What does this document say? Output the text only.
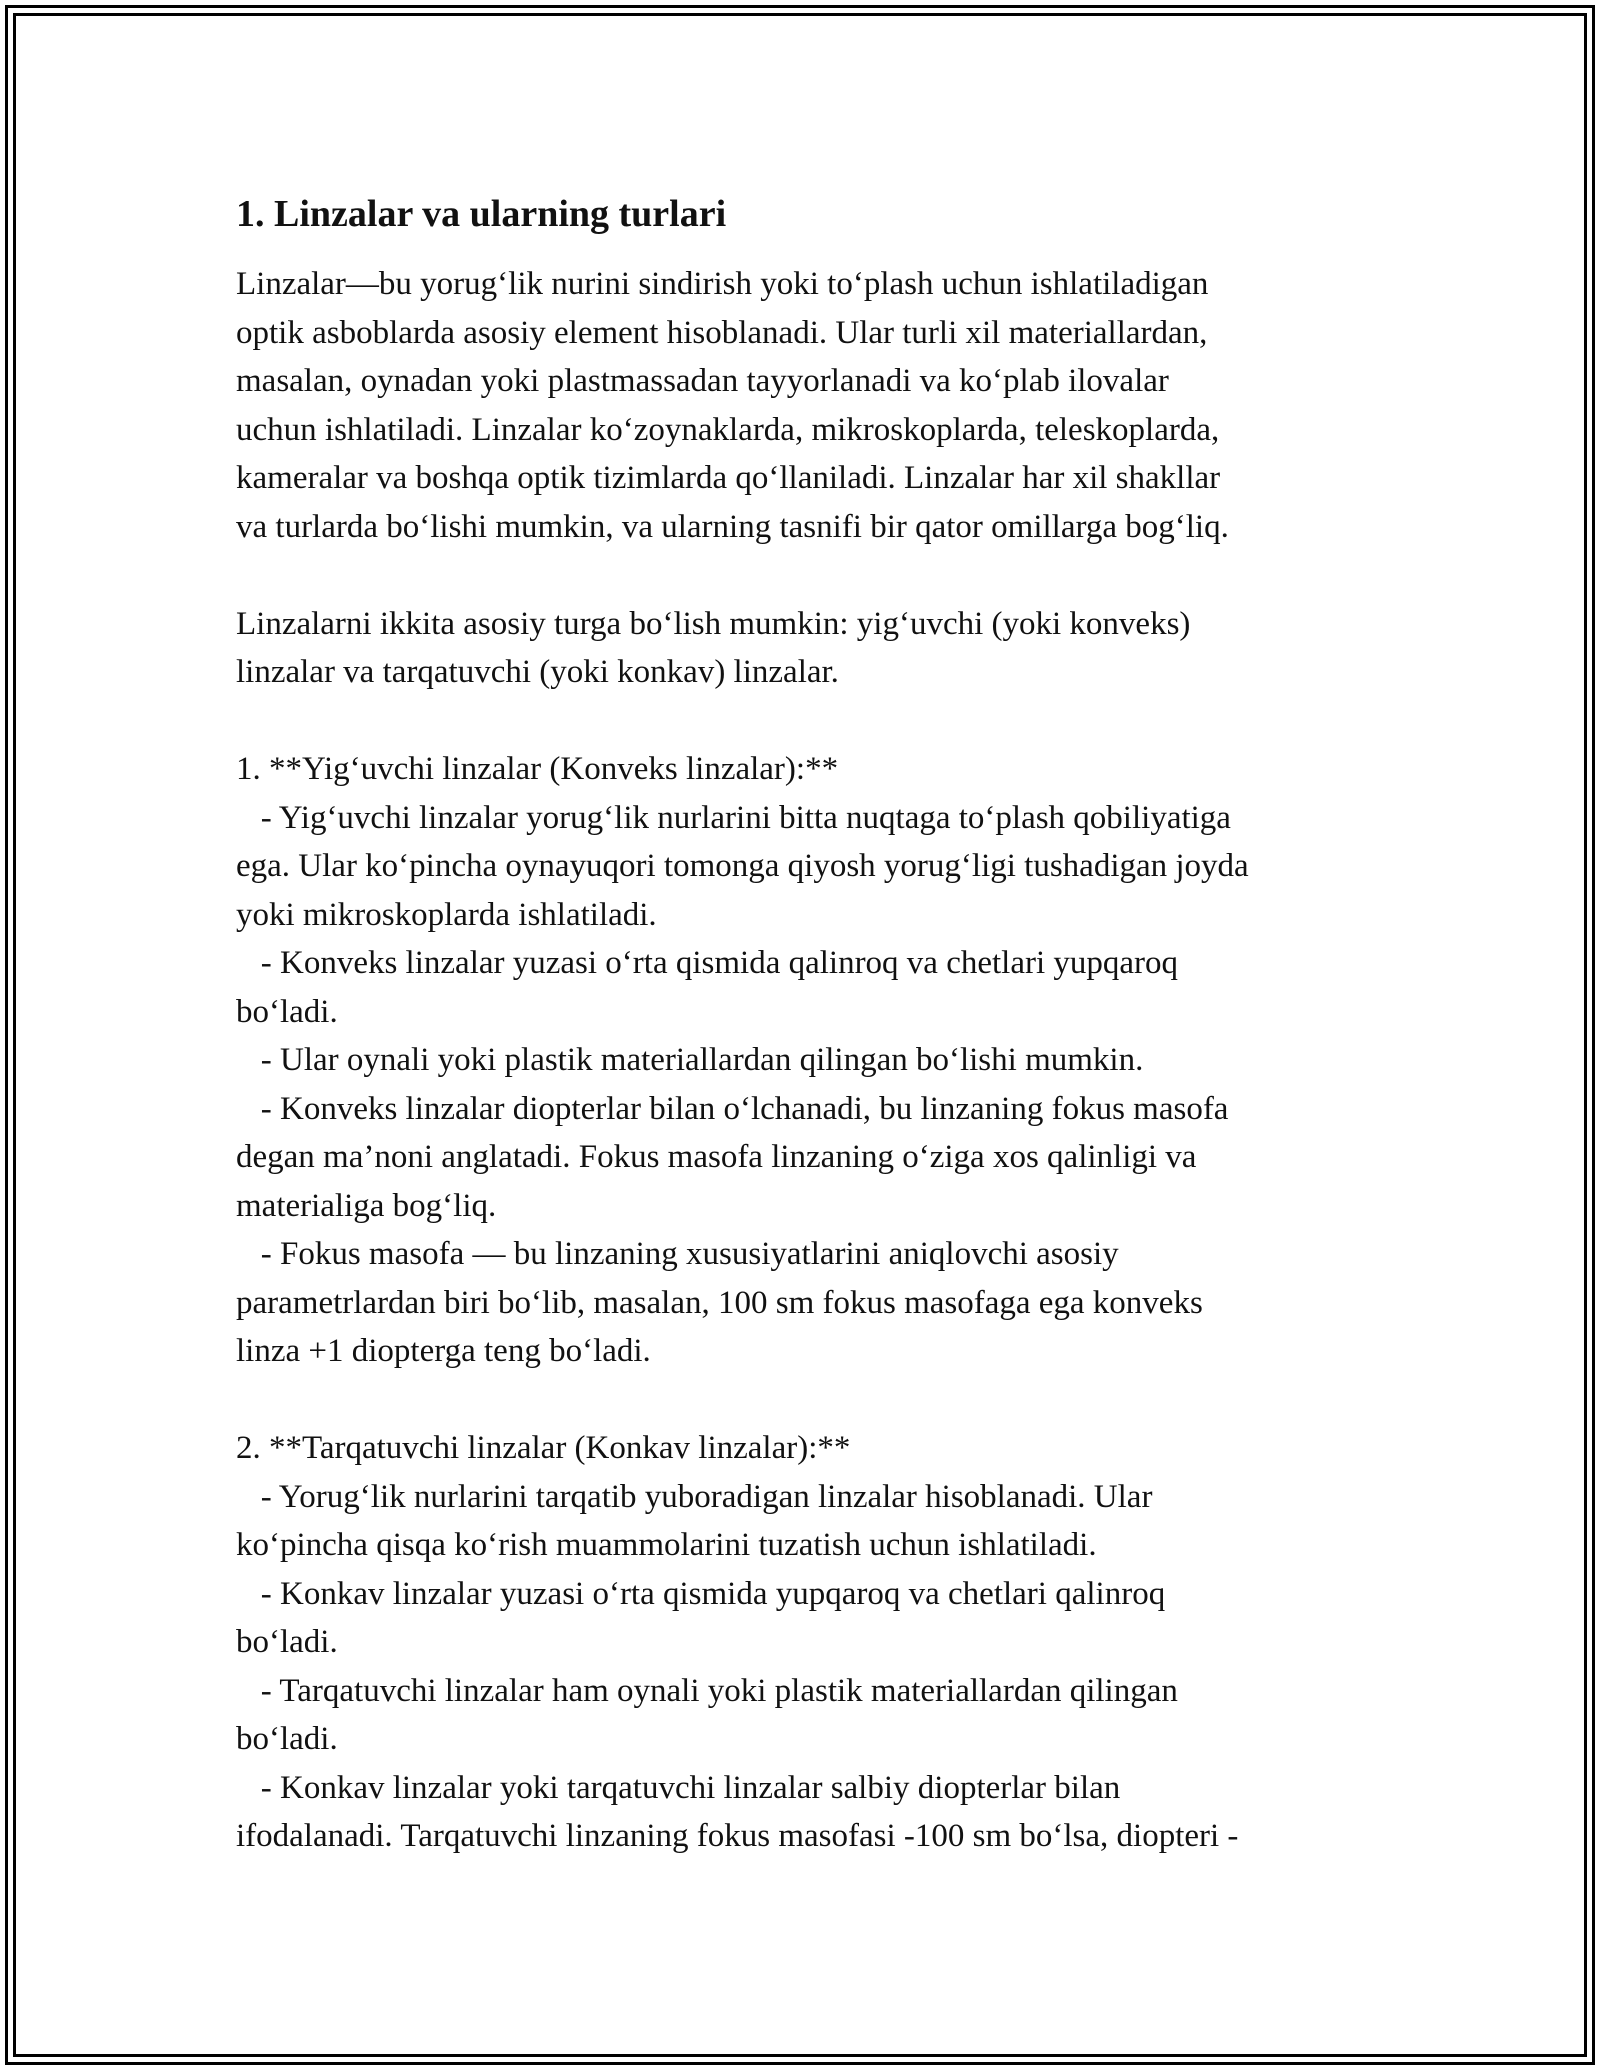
1. Linzalar va ularning turlari

Linzalar—bu yorug‘lik nurini sindirish yoki to‘plash uchun ishlatiladigan

optik asboblarda asosiy element hisoblanadi. Ular turli xil materiallardan,

masalan, oynadan yoki plastmassadan tayyorlanadi va ko‘plab ilovalar

uchun ishlatiladi. Linzalar ko‘zoynaklarda, mikroskoplarda, teleskoplarda,

kameralar va boshqa optik tizimlarda qo‘llaniladi. Linzalar har xil shakllar

va turlarda bo‘lishi mumkin, va ularning tasnifi bir qator omillarga bog‘liq.

Linzalarni ikkita asosiy turga bo‘lish mumkin: yig‘uvchi (yoki konveks)

linzalar va tarqatuvchi (yoki konkav) linzalar.

1. **Yig‘uvchi linzalar (Konveks linzalar):**

- Yig‘uvchi linzalar yorug‘lik nurlarini bitta nuqtaga to‘plash qobiliyatiga

ega. Ular ko‘pincha oynayuqori tomonga qiyosh yorug‘ligi tushadigan joyda

yoki mikroskoplarda ishlatiladi.

- Konveks linzalar yuzasi o‘rta qismida qalinroq va chetlari yupqaroq

bo‘ladi.

- Ular oynali yoki plastik materiallardan qilingan bo‘lishi mumkin.

- Konveks linzalar diopterlar bilan o‘lchanadi, bu linzaning fokus masofa

degan ma’noni anglatadi. Fokus masofa linzaning o‘ziga xos qalinligi va

materialiga bog‘liq.

- Fokus masofa — bu linzaning xususiyatlarini aniqlovchi asosiy

parametrlardan biri bo‘lib, masalan, 100 sm fokus masofaga ega konveks

linza +1 diopterga teng bo‘ladi.

2. **Tarqatuvchi linzalar (Konkav linzalar):**

- Yorug‘lik nurlarini tarqatib yuboradigan linzalar hisoblanadi. Ular

ko‘pincha qisqa ko‘rish muammolarini tuzatish uchun ishlatiladi.

- Konkav linzalar yuzasi o‘rta qismida yupqaroq va chetlari qalinroq

bo‘ladi.

- Tarqatuvchi linzalar ham oynali yoki plastik materiallardan qilingan

bo‘ladi.

- Konkav linzalar yoki tarqatuvchi linzalar salbiy diopterlar bilan

ifodalanadi. Tarqatuvchi linzaning fokus masofasi -100 sm bo‘lsa, diopteri -
